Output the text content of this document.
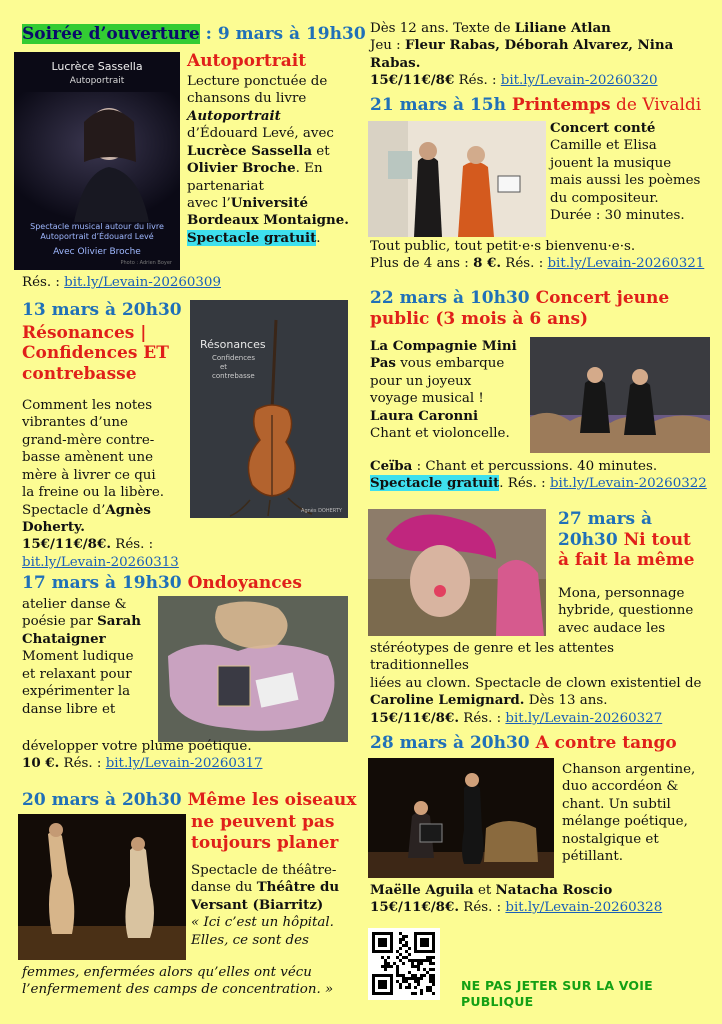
Soirée d’ouverture : 9 mars à 19h30
Lucrèce Sassella
Autoportrait
Spectacle musical autour du livre
Autoportrait d’Édouard Levé
Avec Olivier Broche
Photo : Adrien Boyer
Autoportrait
Lecture ponctuée de
chansons du livre
Autoportrait
d’Édouard Levé, avec
Lucrèce Sassella et
Olivier Broche. En
partenariat
avec l’Université
Bordeaux Montaigne.
Spectacle gratuit.
Rés. : bit.ly/Levain-20260309
13 mars à 20h30
Résonances |
Confidences ET
contrebasse
Résonances
Confidences
et
contrebasse
Agnès DOHERTY
Comment les notes
vibrantes d’une
grand-mère contre-
basse amènent une
mère à livrer ce qui
la freine ou la libère.
Spectacle d’Agnès Doherty.
15€/11€/8€. Rés. : bit.ly/Levain-20260313
17 mars à 19h30 Ondoyances
atelier danse &
poésie par Sarah
Chataigner
Moment ludique
et relaxant pour
expérimenter la
danse libre et
développer votre plume poétique.
10 €. Rés. : bit.ly/Levain-20260317
20 mars à 20h30 Même les oiseaux
ne peuvent pas
toujours planer
Spectacle de théâtre-
danse du Théâtre du
Versant (Biarritz)
« Ici c’est un hôpital.
Elles, ce sont des
femmes, enfermées alors qu’elles ont vécu
l’enfermement des camps de concentration. »
Dès 12 ans. Texte de Liliane Atlan
Jeu : Fleur Rabas, Déborah Alvarez, Nina Rabas.
15€/11€/8€ Rés. : bit.ly/Levain-20260320
21 mars à 15h Printemps de Vivaldi
Concert conté
Camille et Elisa
jouent la musique
mais aussi les poèmes
du compositeur.
Durée : 30 minutes.
Tout public, tout petit·e·s bienvenu·e·s.
Plus de 4 ans : 8 €. Rés. : bit.ly/Levain-20260321
22 mars à 10h30 Concert jeune
public (3 mois à 6 ans)
La Compagnie Mini
Pas vous embarque
pour un joyeux
voyage musical !
Laura Caronni
Chant et violoncelle.
Ceïba : Chant et percussions. 40 minutes.
Spectacle gratuit. Rés. : bit.ly/Levain-20260322
27 mars à
20h30 Ni tout
à fait la même
Mona, personnage
hybride, questionne
avec audace les
stéréotypes de genre et les attentes traditionnelles
liées au clown. Spectacle de clown existentiel de
Caroline Lemignard. Dès 13 ans.
15€/11€/8€. Rés. : bit.ly/Levain-20260327
28 mars à 20h30 A contre tango
Chanson argentine,
duo accordéon &
chant. Un subtil
mélange poétique,
nostalgique et
pétillant.
Maëlle Aguila et Natacha Roscio
15€/11€/8€. Rés. : bit.ly/Levain-20260328
NE PAS JETER SUR LA VOIE PUBLIQUE
